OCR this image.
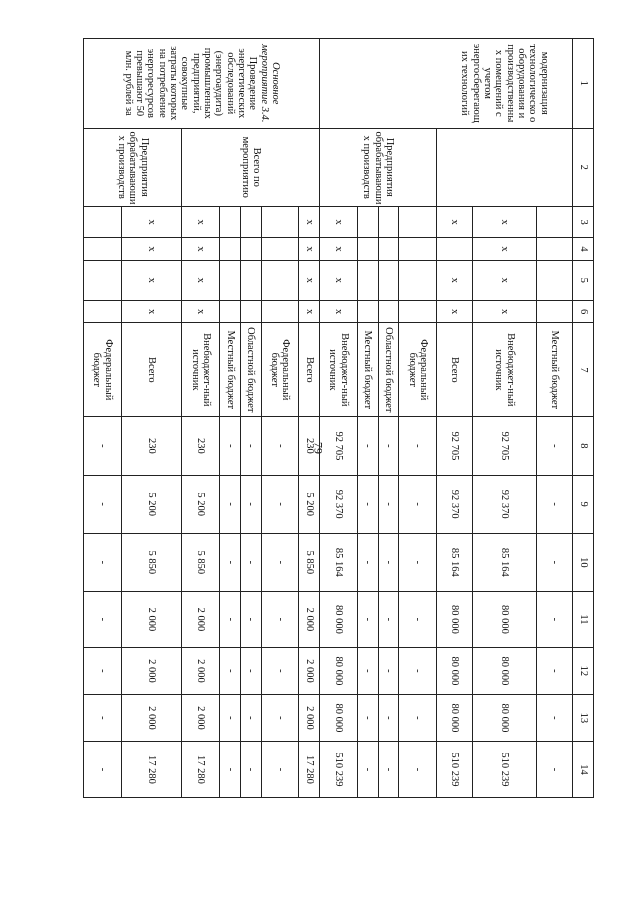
79
1	2	3	4	5	6	7	8	9	10	11	12	13	14
модернизация технологическо о оборудования и производственны х помещений с учетом энергосберегающ их технологий						Местный бюджет	-	-	-	-	-	-	-
		x	x	x	x	Внебюджет-ный источник	92 705	92 370	85 164	80 000	80 000	80 000	510 239
		x		x	x	Всего	92 705	92 370	85 164	80 000	80 000	80 000	510 239
	Предприятия обрабатываюши х производств					Федеральный бюджет	-	-	-	-	-	-	-
						Областной бюджет	-	-	-	-	-	-	-
						Местный бюджет	-	-	-	-	-	-	-
		x	x	x	x	Внебюджет-ный источник	92 705	92 370	85 164	80 000	80 000	80 000	510 239
Основное мероприятие 3.4. Проведение энергетических обследований (энергоаудита) промышленных предприятий, совокупные затраты которых на потребление энергоресурсов превышают 50 млн. рублей за	Всего по мероприятию	x	x	x	x	Всего	230	5 200	5 850	2 000	2 000	2 000	17 280
						Федеральный бюджет	-	-	-	-	-	-	-
						Областной бюджет	-	-	-	-	-	-	-
						Местный бюджет	-	-	-	-	-	-	-
		x	x	x	x	Внебюджет-ный источник	230	5 200	5 850	2 000	2 000	2 000	17 280
	Предприятия обрабатываюши х производств	x	x	x	x	Всего	230	5 200	5 850	2 000	2 000	2 000	17 280
						Федеральный бюджет	-	-	-	-	-	-	-
